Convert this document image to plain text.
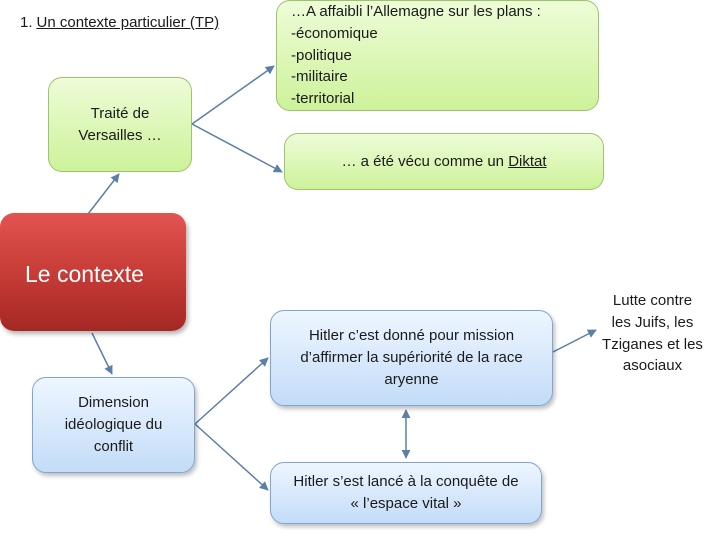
1. Un contexte particulier (TP)
Traité de
Versailles …
…A affaibli l’Allemagne sur les plans :
-économique
-politique
-militaire
-territorial
… a été vécu comme un Diktat
Le contexte
Hitler c’est donné pour mission
d’affirmer la supériorité de la race
aryenne
Lutte contre
les Juifs, les
Tziganes et les
asociaux
Dimension
idéologique du
conflit
Hitler s’est lancé à la conquête de
« l’espace vital »
